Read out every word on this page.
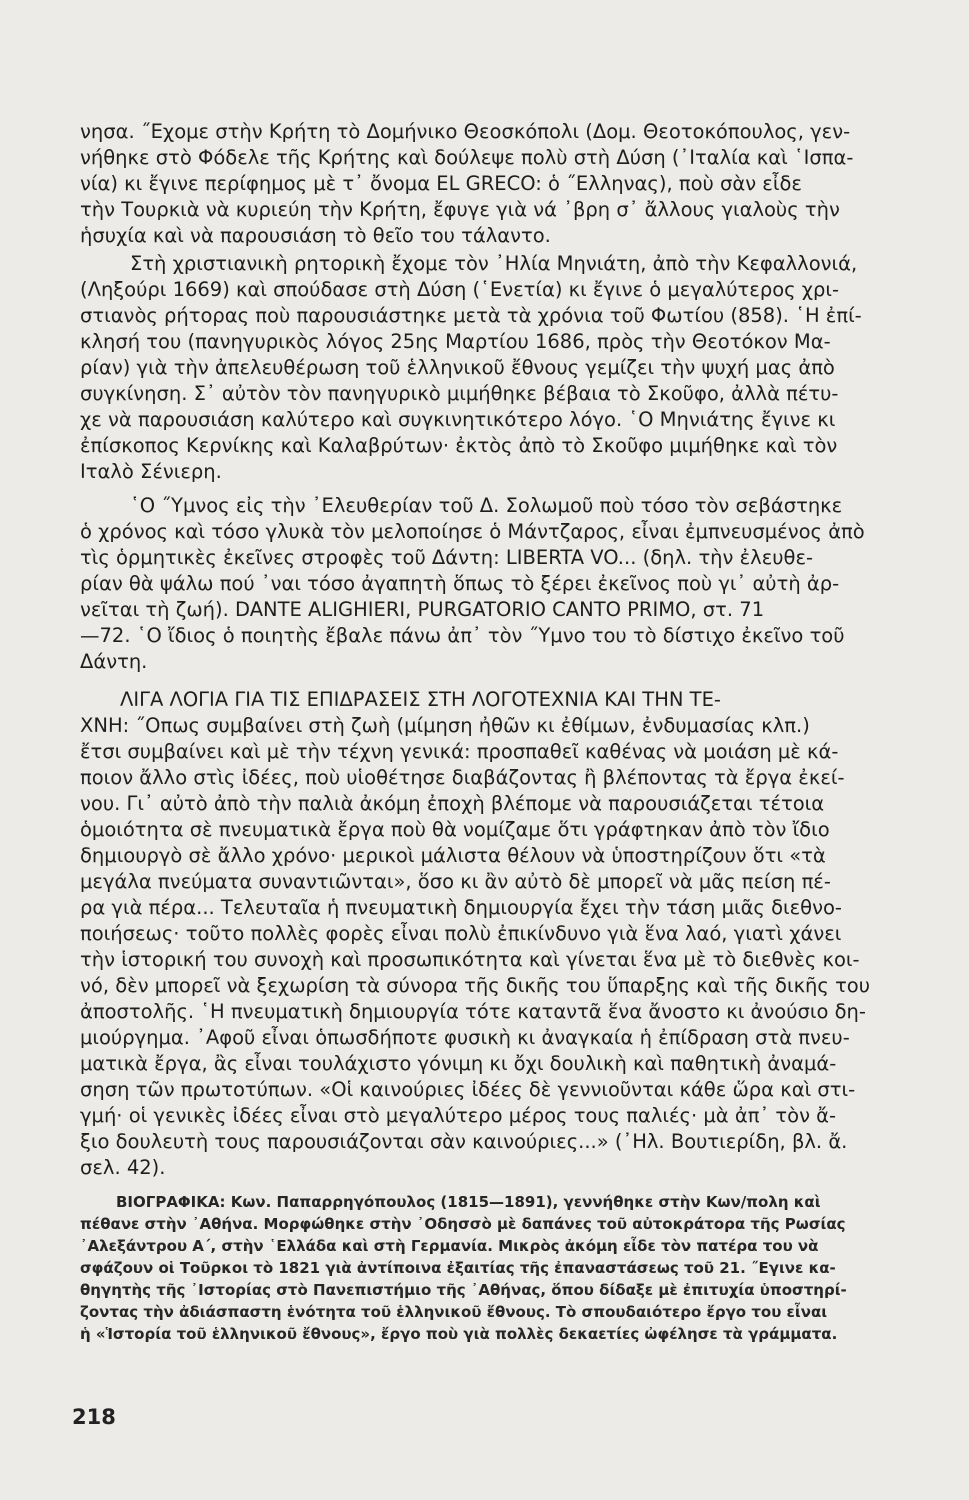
νησα. ˝Εχομε στὴν Κρήτη τὸ Δομήνικο Θεοσκόπολι (Δομ. Θεοτοκόπουλος, γεν-
νήθηκε στὸ Φόδελε τῆς Κρήτης καὶ δούλεψε πολὺ στὴ Δύση (᾿Ιταλία καὶ ῾Ισπα-
νία) κι ἔγινε περίφημος μὲ τ᾿ ὄνομα EL GRECO: ὁ ˝Ελληνας), ποὺ σὰν εἶδε
τὴν Τουρκιὰ νὰ κυριεύη τὴν Κρήτη, ἔφυγε γιὰ νά ᾿βρη σ᾿ ἄλλους γιαλοὺς τὴν
ἡσυχία καὶ νὰ παρουσιάση τὸ θεῖο του τάλαντο.
Στὴ χριστιανικὴ ρητορικὴ ἔχομε τὸν ᾿Ηλία Μηνιάτη, ἀπὸ τὴν Κεφαλλονιά,
(Ληξούρι 1669) καὶ σπούδασε στὴ Δύση (῾Ενετία) κι ἔγινε ὁ μεγαλύτερος χρι-
στιανὸς ρήτορας ποὺ παρουσιάστηκε μετὰ τὰ χρόνια τοῦ Φωτίου (858). ῾Η ἐπί-
κλησή του (πανηγυρικὸς λόγος 25ης Μαρτίου 1686, πρὸς τὴν Θεοτόκον Μα-
ρίαν) γιὰ τὴν ἀπελευθέρωση τοῦ ἑλληνικοῦ ἔθνους γεμίζει τὴν ψυχή μας ἀπὸ
συγκίνηση. Σ᾿ αὐτὸν τὸν πανηγυρικὸ μιμήθηκε βέβαια τὸ Σκοῦφο, ἀλλὰ πέτυ-
χε νὰ παρουσιάση καλύτερο καὶ συγκινητικότερο λόγο. ῾Ο Μηνιάτης ἔγινε κι
ἐπίσκοπος Κερνίκης καὶ Καλαβρύτων· ἐκτὸς ἀπὸ τὸ Σκοῦφο μιμήθηκε καὶ τὸν
Ιταλὸ Σένιερη.
῾Ο ˝Υμνος εἰς τὴν ᾿Ελευθερίαν τοῦ Δ. Σολωμοῦ ποὺ τόσο τὸν σεβάστηκε
ὁ χρόνος καὶ τόσο γλυκὰ τὸν μελοποίησε ὁ Μάντζαρος, εἶναι ἐμπνευσμένος ἀπὸ
τὶς ὁρμητικὲς ἐκεῖνες στροφὲς τοῦ Δάντη: LIBERTA VO... (δηλ. τὴν ἐλευθε-
ρίαν θὰ ψάλω πού ᾿ναι τόσο ἀγαπητὴ ὅπως τὸ ξέρει ἐκεῖνος ποὺ γι᾿ αὐτὴ ἀρ-
νεῖται τὴ ζωή). DANTE ALIGHIERI, PURGATORIO CANTO PRIMO, στ. 71
—72. ῾Ο ἴδιος ὁ ποιητὴς ἔβαλε πάνω ἀπ᾿ τὸν ˝Υμνο του τὸ δίστιχο ἐκεῖνο τοῦ
Δάντη.
ΛΙΓΑ ΛΟΓΙΑ ΓΙΑ ΤΙΣ ΕΠΙΔΡΑΣΕΙΣ ΣΤΗ ΛΟΓΟΤΕΧΝΙΑ ΚΑΙ ΤΗΝ ΤΕ-
ΧΝΗ: ˝Οπως συμβαίνει στὴ ζωὴ (μίμηση ἠθῶν κι ἐθίμων, ἐνδυμασίας κλπ.)
ἔτσι συμβαίνει καὶ μὲ τὴν τέχνη γενικά: προσπαθεῖ καθένας νὰ μοιάση μὲ κά-
ποιον ἄλλο στὶς ἰδέες, ποὺ υἱοθέτησε διαβάζοντας ἢ βλέποντας τὰ ἔργα ἐκεί-
νου. Γι᾿ αὐτὸ ἀπὸ τὴν παλιὰ ἀκόμη ἐποχὴ βλέπομε νὰ παρουσιάζεται τέτοια
ὁμοιότητα σὲ πνευματικὰ ἔργα ποὺ θὰ νομίζαμε ὅτι γράφτηκαν ἀπὸ τὸν ἴδιο
δημιουργὸ σὲ ἄλλο χρόνο· μερικοὶ μάλιστα θέλουν νὰ ὑποστηρίζουν ὅτι «τὰ
μεγάλα πνεύματα συναντιῶνται», ὅσο κι ἂν αὐτὸ δὲ μπορεῖ νὰ μᾶς πείση πέ-
ρα γιὰ πέρα... Τελευταῖα ἡ πνευματικὴ δημιουργία ἔχει τὴν τάση μιᾶς διεθνο-
ποιήσεως· τοῦτο πολλὲς φορὲς εἶναι πολὺ ἐπικίνδυνο γιὰ ἕνα λαό, γιατὶ χάνει
τὴν ἱστορική του συνοχὴ καὶ προσωπικότητα καὶ γίνεται ἕνα μὲ τὸ διεθνὲς κοι-
νό, δὲν μπορεῖ νὰ ξεχωρίση τὰ σύνορα τῆς δικῆς του ὕπαρξης καὶ τῆς δικῆς του
ἀποστολῆς. ῾Η πνευματικὴ δημιουργία τότε καταντᾶ ἕνα ἄνοστο κι ἀνούσιο δη-
μιούργημα. ᾿Αφοῦ εἶναι ὁπωσδήποτε φυσικὴ κι ἀναγκαία ἡ ἐπίδραση στὰ πνευ-
ματικὰ ἔργα, ἂς εἶναι τουλάχιστο γόνιμη κι ὄχι δουλικὴ καὶ παθητικὴ ἀναμά-
σηση τῶν πρωτοτύπων. «Οἱ καινούριες ἰδέες δὲ γεννιοῦνται κάθε ὥρα καὶ στι-
γμή· οἱ γενικὲς ἰδέες εἶναι στὸ μεγαλύτερο μέρος τους παλιές· μὰ ἀπ᾿ τὸν ἄ-
ξιο δουλευτὴ τους παρουσιάζονται σὰν καινούριες...» (᾿Ηλ. Βουτιερίδη, βλ. ἄ.
σελ. 42).
ΒΙΟΓΡΑΦΙΚΑ: Κων. Παπαρρηγόπουλος (1815—1891), γεννήθηκε στὴν Κων/πολη καὶ
πέθανε στὴν ᾿Αθήνα. Μορφώθηκε στὴν ᾿Οδησσὸ μὲ δαπάνες τοῦ αὐτοκράτορα τῆς Ρωσίας
᾿Αλεξάντρου Α΄, στὴν ῾Ελλάδα καὶ στὴ Γερμανία. Μικρὸς ἀκόμη εἶδε τὸν πατέρα του νὰ
σφάζουν οἱ Τοῦρκοι τὸ 1821 γιὰ ἀντίποινα ἐξαιτίας τῆς ἐπαναστάσεως τοῦ 21. ˝Εγινε κα-
θηγητὴς τῆς ᾿Ιστορίας στὸ Πανεπιστήμιο τῆς ᾿Αθήνας, ὅπου δίδαξε μὲ ἐπιτυχία ὑποστηρί-
ζοντας τὴν ἀδιάσπαστη ἑνότητα τοῦ ἑλληνικοῦ ἔθνους. Τὸ σπουδαιότερο ἔργο του εἶναι
ἡ «Ἱστορία τοῦ ἑλληνικοῦ ἔθνους», ἔργο ποὺ γιὰ πολλὲς δεκαετίες ὠφέλησε τὰ γράμματα.
218
